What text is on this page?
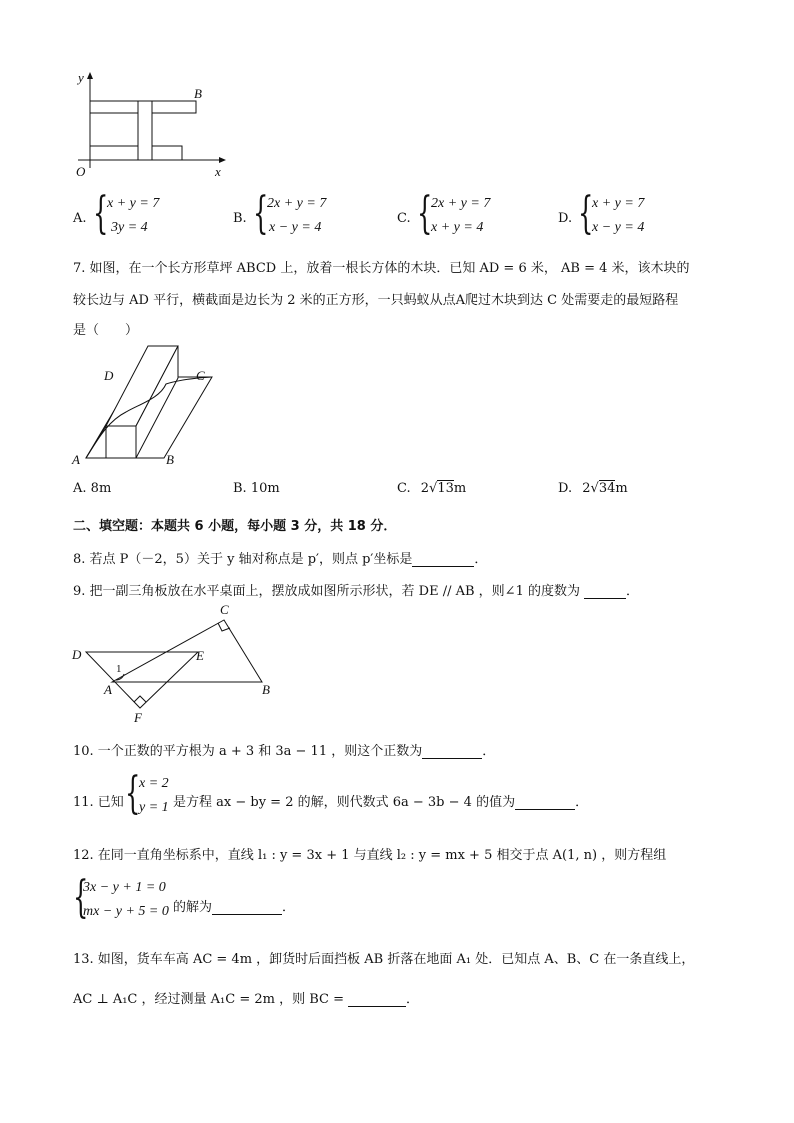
y
x
O
B
A. {
x + y = 7
3y = 4
B. {
2x + y = 7
x − y = 4
C. {
2x + y = 7
x + y = 4
D. {
x + y = 7
x − y = 4
7. 如图，在一个长方形草坪 ABCD 上，放着一根长方体的木块．已知 AD = 6 米， AB = 4 米，该木块的
较长边与 AD 平行，横截面是边长为 2 米的正方形，一只蚂蚁从点A爬过木块到达 C 处需要走的最短路程
是（　　）
A	B
C
D
A. 8m	B. 10m	C. 2√13m	D. 2√34m
二、填空题：本题共 6 小题，每小题 3 分，共 18 分．
8. 若点 P（－2，5）关于 y 轴对称点是 p′，则点 p′坐标是	．
9. 把一副三角板放在水平桌面上，摆放成如图所示形状，若 DE // AB ，则∠1 的度数为	．
C
D	E
A	B
F
1
10. 一个正数的平方根为 a + 3 和 3a − 11 ，则这个正数为	．
11. 已知 {
x = 2
y = 1 是方程 ax − by = 2 的解，则代数式 6a − 3b − 4 的值为	．
12. 在同一直角坐标系中，直线 l₁ : y = 3x + 1 与直线 l₂ : y = mx + 5 相交于点 A(1, n) ，则方程组
{
3x − y + 1 = 0
mx − y + 5 = 0 的解为	．
13. 如图，货车车高 AC = 4m ，卸货时后面挡板 AB 折落在地面 A₁ 处．已知点 A、B、C 在一条直线上，
AC ⊥ A₁C ，经过测量 A₁C = 2m ，则 BC =	．
